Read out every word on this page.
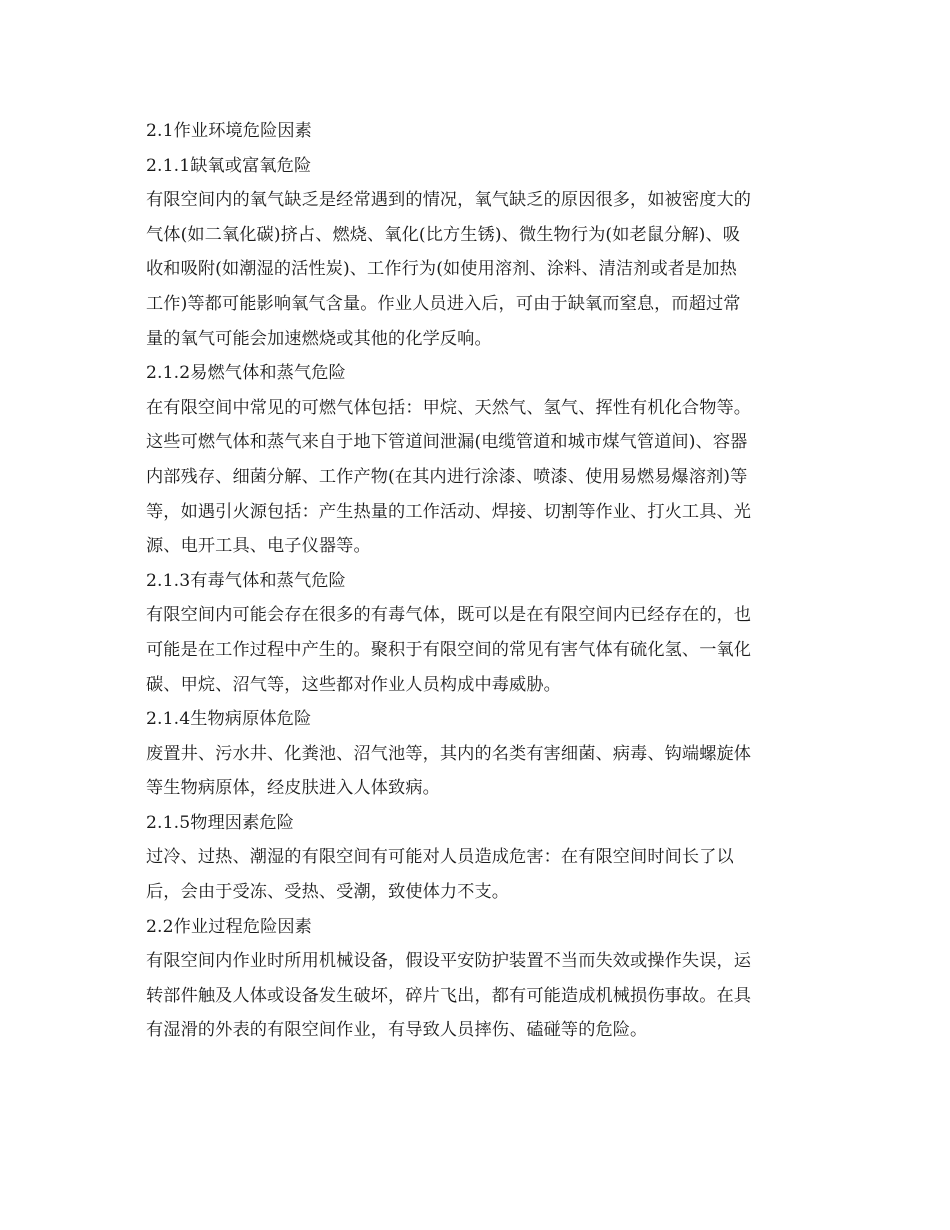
2.1作业环境危险因素
2.1.1缺氧或富氧危险
有限空间内的氧气缺乏是经常遇到的情况，氧气缺乏的原因很多，如被密度大的
气体(如二氧化碳)挤占、燃烧、氧化(比方生锈)、微生物行为(如老鼠分解)、吸
收和吸附(如潮湿的活性炭)、工作行为(如使用溶剂、涂料、清洁剂或者是加热
工作)等都可能影响氧气含量。作业人员进入后，可由于缺氧而窒息，而超过常
量的氧气可能会加速燃烧或其他的化学反响。
2.1.2易燃气体和蒸气危险
在有限空间中常见的可燃气体包括：甲烷、天然气、氢气、挥性有机化合物等。
这些可燃气体和蒸气来自于地下管道间泄漏(电缆管道和城市煤气管道间)、容器
内部残存、细菌分解、工作产物(在其内进行涂漆、喷漆、使用易燃易爆溶剂)等
等，如遇引火源包括：产生热量的工作活动、焊接、切割等作业、打火工具、光
源、电开工具、电子仪器等。
2.1.3有毒气体和蒸气危险
有限空间内可能会存在很多的有毒气体，既可以是在有限空间内已经存在的，也
可能是在工作过程中产生的。聚积于有限空间的常见有害气体有硫化氢、一氧化
碳、甲烷、沼气等，这些都对作业人员构成中毒威胁。
2.1.4生物病原体危险
废置井、污水井、化粪池、沼气池等，其内的名类有害细菌、病毒、钩端螺旋体
等生物病原体，经皮肤进入人体致病。
2.1.5物理因素危险
过冷、过热、潮湿的有限空间有可能对人员造成危害：在有限空间时间长了以
后，会由于受冻、受热、受潮，致使体力不支。
2.2作业过程危险因素
有限空间内作业时所用机械设备，假设平安防护装置不当而失效或操作失误，运
转部件触及人体或设备发生破坏，碎片飞出，都有可能造成机械损伤事故。在具
有湿滑的外表的有限空间作业，有导致人员摔伤、磕碰等的危险。
